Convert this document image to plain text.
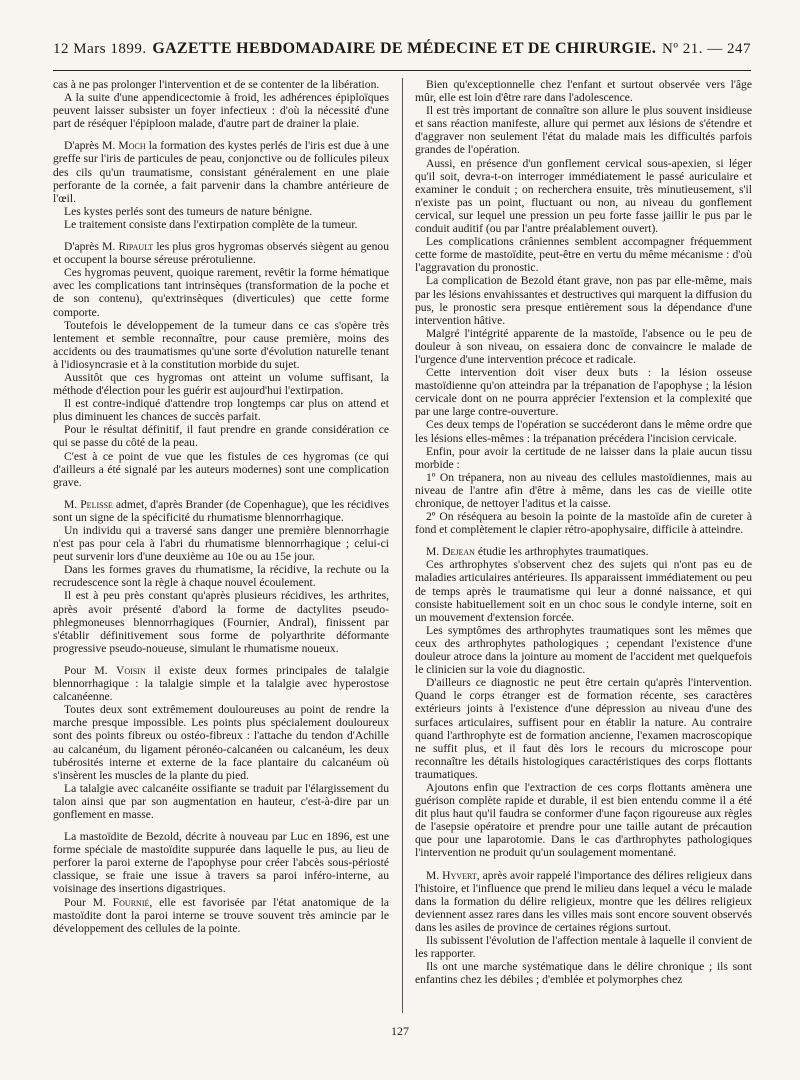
12 Mars 1899. GAZETTE HEBDOMADAIRE DE MÉDECINE ET DE CHIRURGIE. Nº 21. — 247

cas à ne pas prolonger l'intervention et de se contenter de la libération.

A la suite d'une appendicectomie à froid, les adhérences épiploïques peuvent laisser subsister un foyer infectieux : d'où la nécessité d'une part de réséquer l'épiploon malade, d'autre part de drainer la plaie.

D'après M. Moch la formation des kystes perlés de l'iris est due à une greffe sur l'iris de particules de peau, conjonctive ou de follicules pileux des cils qu'un traumatisme, consistant généralement en une plaie perforante de la cornée, a fait parvenir dans la chambre antérieure de l'œil.

Les kystes perlés sont des tumeurs de nature bénigne.

Le traitement consiste dans l'extirpation complète de la tumeur.

D'après M. Ripault les plus gros hygromas observés siègent au genou et occupent la bourse séreuse prérotulienne.

Ces hygromas peuvent, quoique rarement, revêtir la forme hématique avec les complications tant intrinsèques (transformation de la poche et de son contenu), qu'extrinsèques (diverticules) que cette forme comporte.

Toutefois le développement de la tumeur dans ce cas s'opère très lentement et semble reconnaître, pour cause première, moins des accidents ou des traumatismes qu'une sorte d'évolution naturelle tenant à l'idiosyncrasie et à la constitution morbide du sujet.

Aussitôt que ces hygromas ont atteint un volume suffisant, la méthode d'élection pour les guérir est aujourd'hui l'extirpation.

Il est contre-indiqué d'attendre trop longtemps car plus on attend et plus diminuent les chances de succès parfait.

Pour le résultat définitif, il faut prendre en grande considération ce qui se passe du côté de la peau.

C'est à ce point de vue que les fistules de ces hygromas (ce qui d'ailleurs a été signalé par les auteurs modernes) sont une complication grave.

M. Pelisse admet, d'après Brander (de Copenhague), que les récidives sont un signe de la spécificité du rhumatisme blennorrhagique.

Un individu qui a traversé sans danger une première blennorrhagie n'est pas pour cela à l'abri du rhumatisme blennorrhagique ; celui-ci peut survenir lors d'une deuxième au 10e ou au 15e jour.

Dans les formes graves du rhumatisme, la récidive, la rechute ou la recrudescence sont la règle à chaque nouvel écoulement.

Il est à peu près constant qu'après plusieurs récidives, les arthrites, après avoir présenté d'abord la forme de dactylites pseudo-phlegmoneuses blennorrhagiques (Fournier, Andral), finissent par s'établir définitivement sous forme de polyarthrite déformante progressive pseudo-noueuse, simulant le rhumatisme noueux.

Pour M. Voisin il existe deux formes principales de talalgie blennorrhagique : la talalgie simple et la talalgie avec hyperostose calcanéenne.

Toutes deux sont extrêmement douloureuses au point de rendre la marche presque impossible. Les points plus spécialement douloureux sont des points fibreux ou ostéo-fibreux : l'attache du tendon d'Achille au calcanéum, du ligament péronéo-calcanéen ou calcanéum, les deux tubérosités interne et externe de la face plantaire du calcanéum où s'insèrent les muscles de la plante du pied.

La talalgie avec calcanéite ossifiante se traduit par l'élargissement du talon ainsi que par son augmentation en hauteur, c'est-à-dire par un gonflement en masse.

La mastoïdite de Bezold, décrite à nouveau par Luc en 1896, est une forme spéciale de mastoïdite suppurée dans laquelle le pus, au lieu de perforer la paroi externe de l'apophyse pour créer l'abcès sous-périosté classique, se fraie une issue à travers sa paroi inféro-interne, au voisinage des insertions digastriques.

Pour M. Fournié, elle est favorisée par l'état anatomique de la mastoïdite dont la paroi interne se trouve souvent très amincie par le développement des cellules de la pointe.

Bien qu'exceptionnelle chez l'enfant et surtout observée vers l'âge mûr, elle est loin d'être rare dans l'adolescence.

Il est très important de connaître son allure le plus souvent insidieuse et sans réaction manifeste, allure qui permet aux lésions de s'étendre et d'aggraver non seulement l'état du malade mais les difficultés parfois grandes de l'opération.

Aussi, en présence d'un gonflement cervical sous-apexien, si léger qu'il soit, devra-t-on interroger immédiatement le passé auriculaire et examiner le conduit ; on recherchera ensuite, très minutieusement, s'il n'existe pas un point, fluctuant ou non, au niveau du gonflement cervical, sur lequel une pression un peu forte fasse jaillir le pus par le conduit auditif (ou par l'antre préalablement ouvert).

Les complications crâniennes semblent accompagner fréquemment cette forme de mastoïdite, peut-être en vertu du même mécanisme : d'où l'aggravation du pronostic.

La complication de Bezold étant grave, non pas par elle-même, mais par les lésions envahissantes et destructives qui marquent la diffusion du pus, le pronostic sera presque entièrement sous la dépendance d'une intervention hâtive.

Malgré l'intégrité apparente de la mastoïde, l'absence ou le peu de douleur à son niveau, on essaiera donc de convaincre le malade de l'urgence d'une intervention précoce et radicale.

Cette intervention doit viser deux buts : la lésion osseuse mastoïdienne qu'on atteindra par la trépanation de l'apophyse ; la lésion cervicale dont on ne pourra apprécier l'extension et la complexité que par une large contre-ouverture.

Ces deux temps de l'opération se succéderont dans le même ordre que les lésions elles-mêmes : la trépanation précédera l'incision cervicale.

Enfin, pour avoir la certitude de ne laisser dans la plaie aucun tissu morbide :

1º On trépanera, non au niveau des cellules mastoïdiennes, mais au niveau de l'antre afin d'être à même, dans les cas de vieille otite chronique, de nettoyer l'aditus et la caisse.

2º On réséquera au besoin la pointe de la mastoïde afin de cureter à fond et complètement le clapier rétro-apophysaire, difficile à atteindre.

M. Dejean étudie les arthrophytes traumatiques.

Ces arthrophytes s'observent chez des sujets qui n'ont pas eu de maladies articulaires antérieures. Ils apparaissent immédiatement ou peu de temps après le traumatisme qui leur a donné naissance, et qui consiste habituellement soit en un choc sous le condyle interne, soit en un mouvement d'extension forcée.

Les symptômes des arthrophytes traumatiques sont les mêmes que ceux des arthrophytes pathologiques ; cependant l'existence d'une douleur atroce dans la jointure au moment de l'accident met quelquefois le clinicien sur la voie du diagnostic.

D'ailleurs ce diagnostic ne peut être certain qu'après l'intervention. Quand le corps étranger est de formation récente, ses caractères extérieurs joints à l'existence d'une dépression au niveau d'une des surfaces articulaires, suffisent pour en établir la nature. Au contraire quand l'arthrophyte est de formation ancienne, l'examen macroscopique ne suffit plus, et il faut dès lors le recours du microscope pour reconnaître les détails histologiques caractéristiques des corps flottants traumatiques.

Ajoutons enfin que l'extraction de ces corps flottants amènera une guérison complète rapide et durable, il est bien entendu comme il a été dit plus haut qu'il faudra se conformer d'une façon rigoureuse aux règles de l'asepsie opératoire et prendre pour une taille autant de précaution que pour une laparotomie. Dans le cas d'arthrophytes pathologiques l'intervention ne produit qu'un soulagement momentané.

M. Hyvert, après avoir rappelé l'importance des délires religieux dans l'histoire, et l'influence que prend le milieu dans lequel a vécu le malade dans la formation du délire religieux, montre que les délires religieux deviennent assez rares dans les villes mais sont encore souvent observés dans les asiles de province de certaines régions surtout.

Ils subissent l'évolution de l'affection mentale à laquelle il convient de les rapporter.

Ils ont une marche systématique dans le délire chronique ; ils sont enfantins chez les débiles ; d'emblée et polymorphes chez

127
